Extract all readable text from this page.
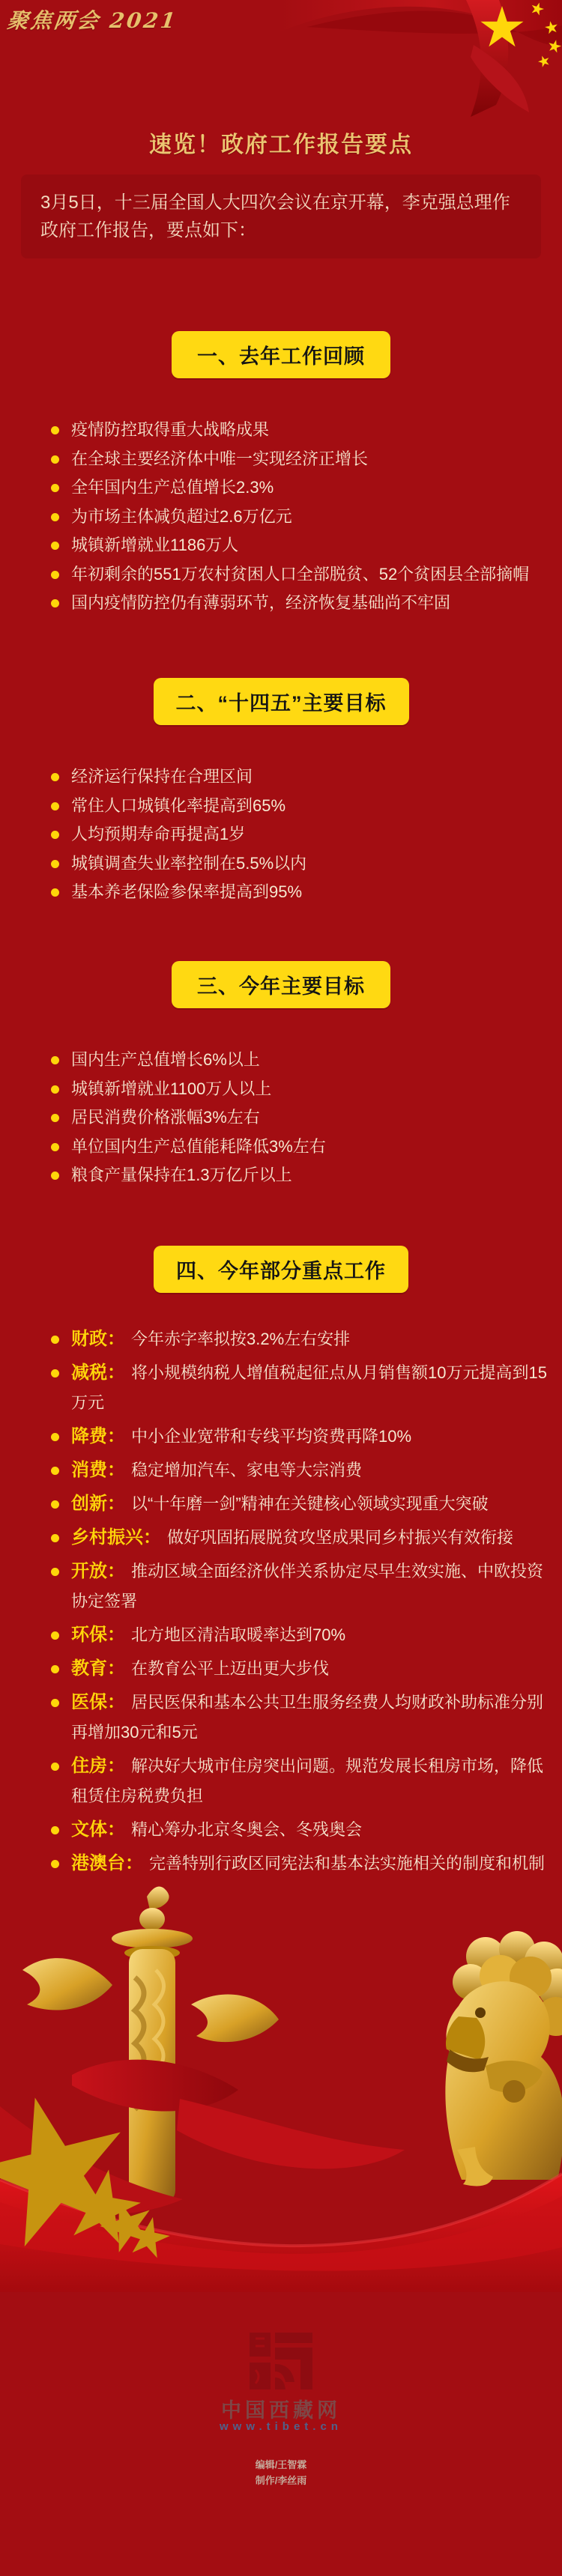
聚焦两会 2021
速览！政府工作报告要点
3月5日，十三届全国人大四次会议在京开幕，李克强总理作政府工作报告，要点如下：
一、去年工作回顾
疫情防控取得重大战略成果
在全球主要经济体中唯一实现经济正增长
全年国内生产总值增长2.3%
为市场主体减负超过2.6万亿元
城镇新增就业1186万人
年初剩余的551万农村贫困人口全部脱贫、52个贫困县全部摘帽
国内疫情防控仍有薄弱环节，经济恢复基础尚不牢固
二、“十四五”主要目标
经济运行保持在合理区间
常住人口城镇化率提高到65%
人均预期寿命再提高1岁
城镇调查失业率控制在5.5%以内
基本养老保险参保率提高到95%
三、今年主要目标
国内生产总值增长6%以上
城镇新增就业1100万人以上
居民消费价格涨幅3%左右
单位国内生产总值能耗降低3%左右
粮食产量保持在1.3万亿斤以上
四、今年部分重点工作
财政： 今年赤字率拟按3.2%左右安排
减税： 将小规模纳税人增值税起征点从月销售额10万元提高到15万元
降费： 中小企业宽带和专线平均资费再降10%
消费： 稳定增加汽车、家电等大宗消费
创新： 以“十年磨一剑”精神在关键核心领域实现重大突破
乡村振兴： 做好巩固拓展脱贫攻坚成果同乡村振兴有效衔接
开放： 推动区域全面经济伙伴关系协定尽早生效实施、中欧投资协定签署
环保： 北方地区清洁取暖率达到70%
教育： 在教育公平上迈出更大步伐
医保： 居民医保和基本公共卫生服务经费人均财政补助标准分别再增加30元和5元
住房： 解决好大城市住房突出问题。规范发展长租房市场，降低租赁住房税费负担
文体： 精心筹办北京冬奥会、冬残奥会
港澳台： 完善特别行政区同宪法和基本法实施相关的制度和机制
中国西藏网
www.tibet.cn
编辑/王智霖
制作/李丝雨
